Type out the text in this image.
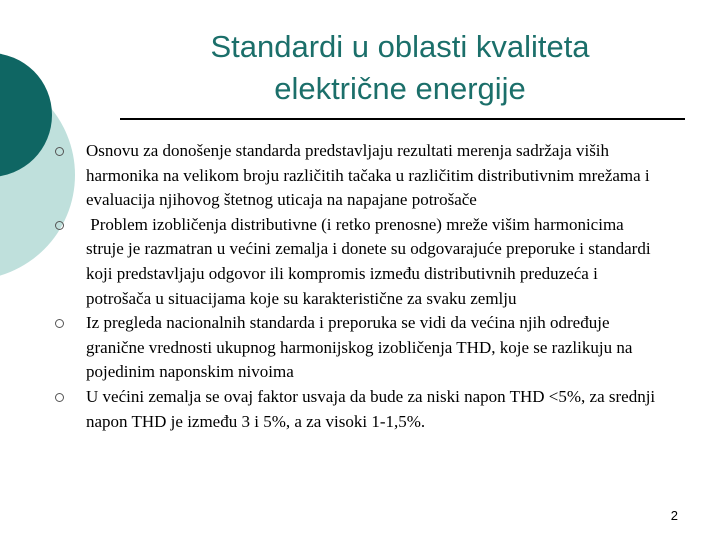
Standardi u oblasti kvaliteta
električne energije
Osnovu za donošenje standarda predstavljaju rezultati merenja sadržaja viših harmonika na velikom broju različitih tačaka u različitim distributivnim mrežama i evaluacija njihovog štetnog uticaja na napajane potrošače
Problem izobličenja distributivne (i retko prenosne) mreže višim harmonicima struje je razmatran u većini zemalja i donete su odgovarajuće preporuke i standardi koji predstavljaju odgovor ili kompromis između distributivnih preduzeća i potrošača u situacijama koje su karakteristične za svaku zemlju
Iz pregleda nacionalnih standarda i preporuka se vidi da većina njih određuje granične vrednosti ukupnog harmonijskog izobličenja THD, koje se razlikuju na pojedinim naponskim nivoima
U većini zemalja se ovaj faktor usvaja da bude za niski napon THD <5%, za srednji napon THD je između 3 i 5%, a za visoki 1-1,5%.
2
